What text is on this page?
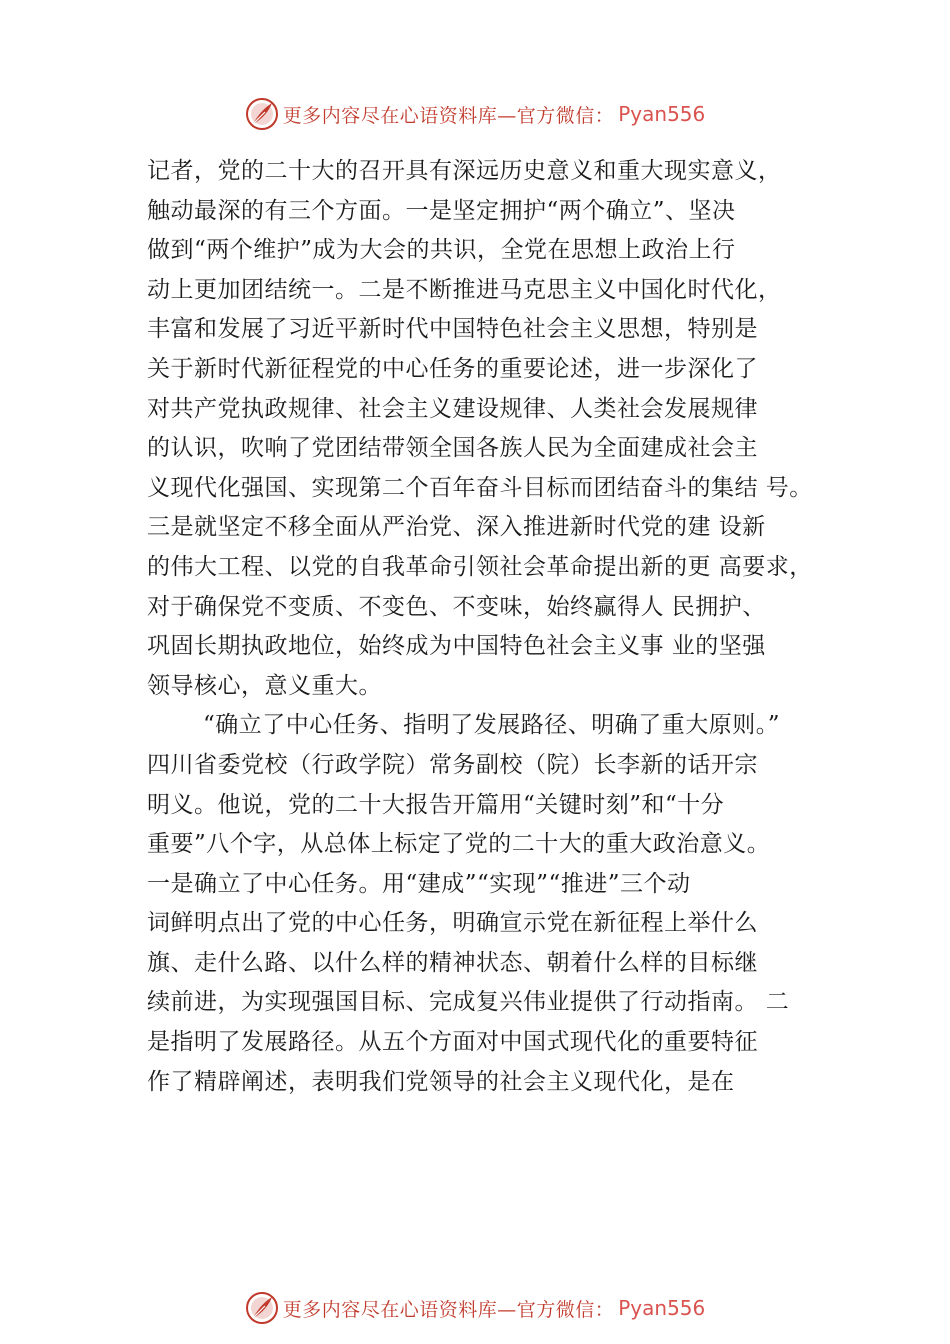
更多内容尽在心语资料库—官方微信： Pyan556
记者，党的二十大的召开具有深远历史意义和重大现实意义，
触动最深的有三个方面。一是坚定拥护“两个确立”、坚决
做到“两个维护”成为大会的共识，全党在思想上政治上行
动上更加团结统一。二是不断推进马克思主义中国化时代化，
丰富和发展了习近平新时代中国特色社会主义思想，特别是
关于新时代新征程党的中心任务的重要论述，进一步深化了
对共产党执政规律、社会主义建设规律、人类社会发展规律
的认识，吹响了党团结带领全国各族人民为全面建成社会主
义现代化强国、实现第二个百年奋斗目标而团结奋斗的集结 号。
三是就坚定不移全面从严治党、深入推进新时代党的建 设新
的伟大工程、以党的自我革命引领社会革命提出新的更 高要求，
对于确保党不变质、不变色、不变味，始终赢得人 民拥护、
巩固长期执政地位，始终成为中国特色社会主义事 业的坚强
领导核心，意义重大。
“确立了中心任务、指明了发展路径、明确了重大原则。”
四川省委党校（行政学院）常务副校（院）长李新的话开宗
明义。他说，党的二十大报告开篇用“关键时刻”和“十分
重要”八个字，从总体上标定了党的二十大的重大政治意义。
一是确立了中心任务。用“建成”“实现”“推进”三个动
词鲜明点出了党的中心任务，明确宣示党在新征程上举什么
旗、走什么路、以什么样的精神状态、朝着什么样的目标继
续前进，为实现强国目标、完成复兴伟业提供了行动指南。 二
是指明了发展路径。从五个方面对中国式现代化的重要特征
作了精辟阐述，表明我们党领导的社会主义现代化，是在
更多内容尽在心语资料库—官方微信： Pyan556
